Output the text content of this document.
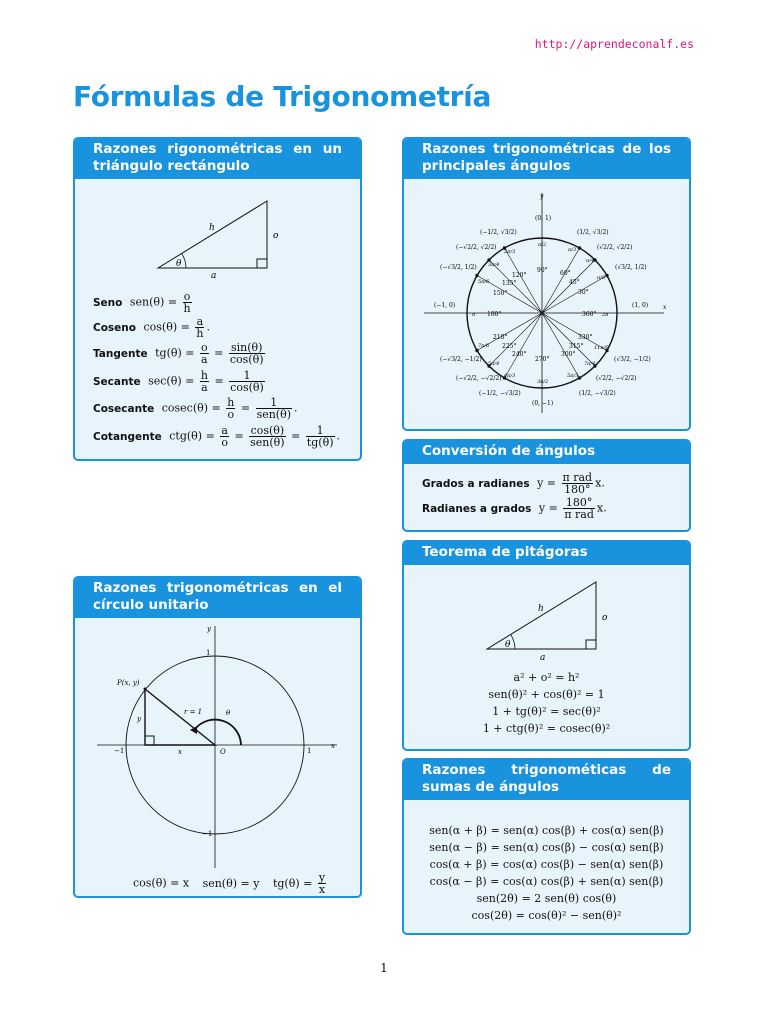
http://aprendeconalf.es
Fórmulas de Trigonometría
Razones rigonométricas en un triángulo rectángulo
h
o
a
θ
Seno $sen(\theta) = \frac{o}{h}$
Coseno $\cos(\theta) = \frac{a}{h}$ .
Tangente $tg(\theta) = \frac{o}{a} = \frac{\sin(\theta)}{\cos(\theta)}$
Secante $\sec(\theta) = \frac{h}{a} = \frac{1}{\cos(\theta)}$
Cosecante $cosec(\theta) = \frac{h}{o} = \frac{1}{\text{sen(θ)}}$ .
Cotangente $ctg(\theta) = \frac{a}{o} = \frac{\cos(\theta)}{\text{sen(θ)}} = \frac{1}{tg(\theta)}$ .
Razones trigonométricas de los principales ángulos
x
y
(0, 1)
(0, −1)
(−1, 0)	(1, 0)
(1/2, √3/2)
(√2/2, √2/2)
(√3/2, 1/2)
(−1/2, √3/2)
(−√2/2, √2/2)
(−√3/2, 1/2)
(−√3/2, −1/2)
(−√2/2, −√2/2)
(−1/2, −√3/2)
(√3/2, −1/2)
(√2/2, −√2/2)
(1/2, −√3/2)
90° 60°
45°
30°
360°
120°
135°
150°
180°
210°
225°
240°
270°
300°
315°
330°
π/2
π/3
π/4
π/6
2π
2π/3
3π/4
5π/6
π
7π/6
5π/4
4π/3
3π/2
5π/3
7π/4
11π/6
Conversión de ángulos
Grados a radianes $y = \frac{\text{π rad}}{180^\circ} x$.
Radianes a grados $y = \frac{180^\circ}{\text{π rad}} x$.
Teorema de pitágoras
h
o
a
θ
a² + o² = h²
sen(θ)² + cos(θ)² = 1
1 + tg(θ)² = sec(θ)²
1 + ctg(θ)² = cosec(θ)²
Razones trigonométricas en el círculo unitario
y
x
1
1
−1
−1
O
P(x, y)
r = 1	θ
y
x
cos(θ) = x sen(θ) = y $tg(\theta) = \frac{y}{x}$
Razones trigonométicas de sumas de ángulos
sen(α + β) = sen(α) cos(β) + cos(α) sen(β)
sen(α − β) = sen(α) cos(β) − cos(α) sen(β)
cos(α + β) = cos(α) cos(β) − sen(α) sen(β)
cos(α − β) = cos(α) cos(β) + sen(α) sen(β)
sen(2θ) = 2 sen(θ) cos(θ)
cos(2θ) = cos(θ)² − sen(θ)²
1
